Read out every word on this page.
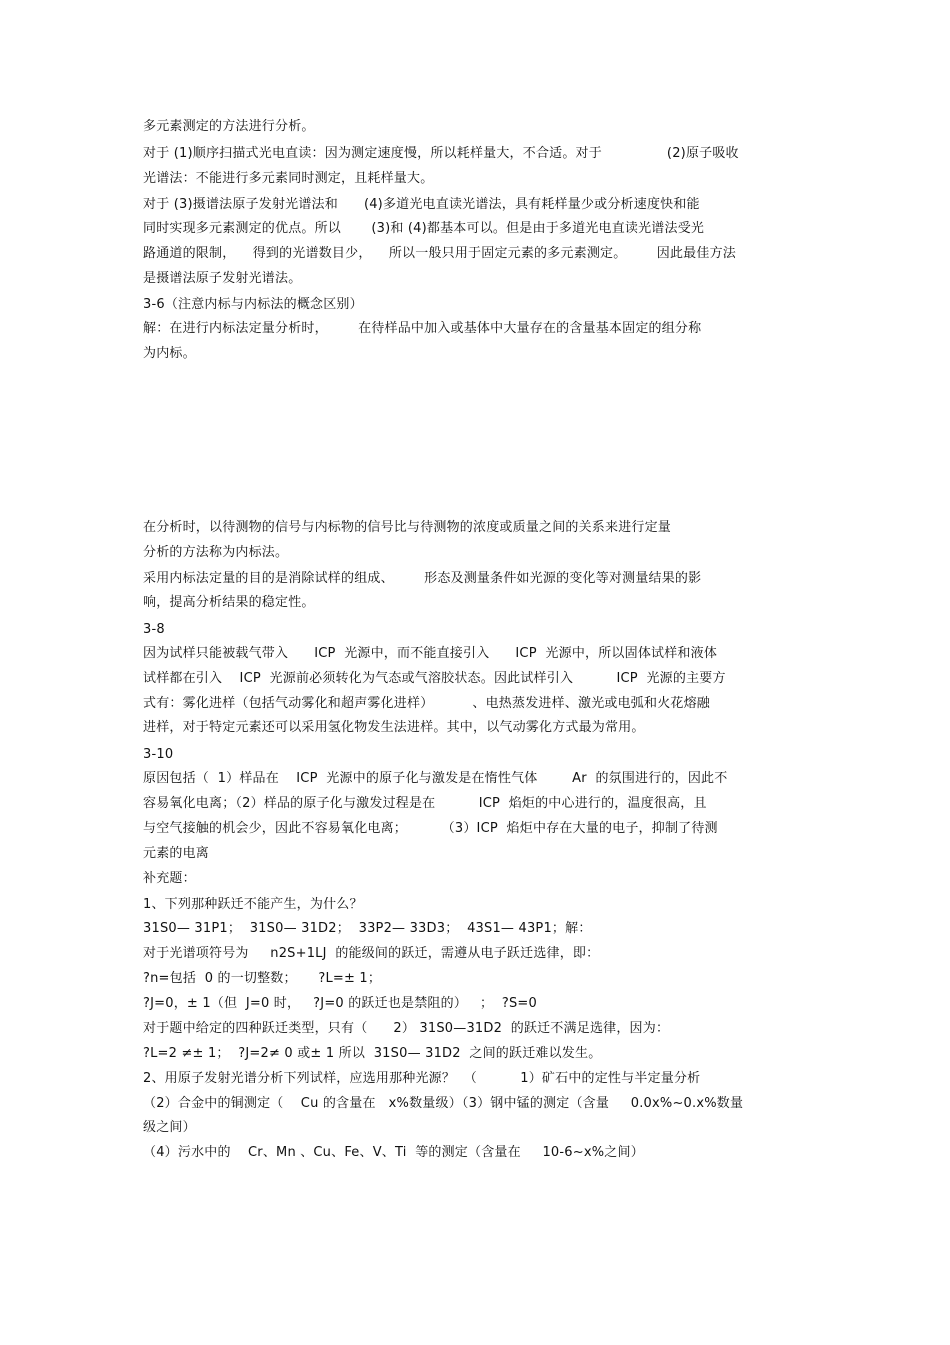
多元素测定的方法进行分析。
对于 (1)顺序扫描式光电直读：因为测定速度慢，所以耗样量大，不合适。对于               (2)原子吸收
光谱法：不能进行多元素同时测定，且耗样量大。
对于 (3)摄谱法原子发射光谱法和      (4)多道光电直读光谱法，具有耗样量少或分析速度快和能
同时实现多元素测定的优点。所以       (3)和 (4)都基本可以。但是由于多道光电直读光谱法受光
路通道的限制，    得到的光谱数目少，    所以一般只用于固定元素的多元素测定。       因此最佳方法
是摄谱法原子发射光谱法。
3-6（注意内标与内标法的概念区别）
解：在进行内标法定量分析时，       在待样品中加入或基体中大量存在的含量基本固定的组分称
为内标。
在分析时，以待测物的信号与内标物的信号比与待测物的浓度或质量之间的关系来进行定量
分析的方法称为内标法。
采用内标法定量的目的是消除试样的组成、       形态及测量条件如光源的变化等对测量结果的影
响，提高分析结果的稳定性。
3-8
因为试样只能被载气带入      ICP  光源中，而不能直接引入      ICP  光源中，所以固体试样和液体
试样都在引入    ICP  光源前必须转化为气态或气溶胶状态。因此试样引入          ICP  光源的主要方
式有：雾化进样（包括气动雾化和超声雾化进样）         、电热蒸发进样、激光或电弧和火花熔融
进样，对于特定元素还可以采用氢化物发生法进样。其中，以气动雾化方式最为常用。
3-10
原因包括（  1）样品在    ICP  光源中的原子化与激发是在惰性气体        Ar  的氛围进行的，因此不
容易氧化电离；（2）样品的原子化与激发过程是在          ICP  焰炬的中心进行的，温度很高，且
与空气接触的机会少，因此不容易氧化电离；        （3）ICP  焰炬中存在大量的电子，抑制了待测
元素的电离
补充题：
1、下列那种跃迁不能产生，为什么？
31S0— 31P1；  31S0— 31D2；  33P2— 33D3；  43S1— 43P1；解：
对于光谱项符号为     n2S+1LJ  的能级间的跃迁，需遵从电子跃迁选律，即：
?n=包括  0 的一切整数；     ?L=± 1；
?J=0，± 1（但  J=0 时，   ?J=0 的跃迁也是禁阻的）   ；  ?S=0
对于题中给定的四种跃迁类型，只有（      2） 31S0—31D2  的跃迁不满足选律，因为：
?L=2 ≠± 1；  ?J=2≠ 0 或± 1 所以  31S0— 31D2  之间的跃迁难以发生。
2、用原子发射光谱分析下列试样，应选用那种光源？  （          1）矿石中的定性与半定量分析
（2）合金中的铜测定（    Cu 的含量在   x%数量级）（3）钢中锰的测定（含量     0.0x%~0.x%数量
级之间）
（4）污水中的    Cr、Mn 、Cu、Fe、V、Ti  等的测定（含量在     10-6~x%之间）
